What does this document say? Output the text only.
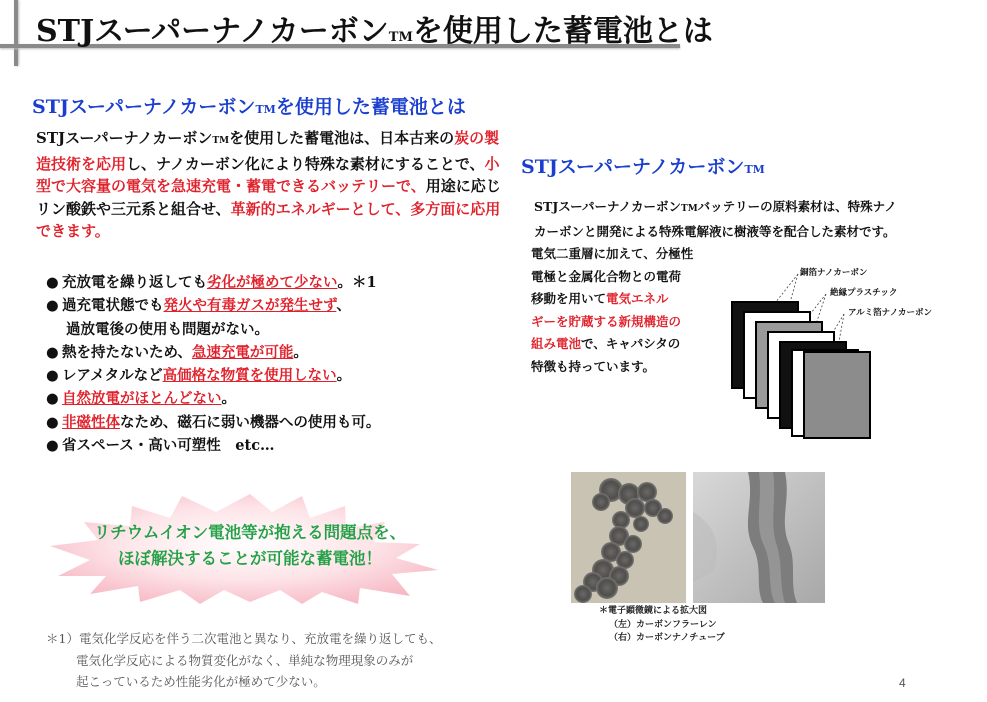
STJスーパーナノカーボンTMを使用した蓄電池とは
STJスーパーナノカーボンTMを使用した蓄電池とは
STJスーパーナノカーボンTMを使用した蓄電池は、日本古来の炭の製造技術を応用し、ナノカーボン化により特殊な素材にすることで、小型で大容量の電気を急速充電・蓄電できるバッテリーで、用途に応じリン酸鉄や三元系と組合せ、革新的エネルギーとして、多方面に応用できます。
● 充放電を繰り返しても劣化が極めて少ない。＊1
● 過充電状態でも発火や有毒ガスが発生せず、
過放電後の使用も問題がない。
● 熱を持たないため、急速充電が可能。
● レアメタルなど高価格な物質を使用しない。
● 自然放電がほとんどない。
● 非磁性体なため、磁石に弱い機器への使用も可。
● 省スペース・高い可塑性　etc…
リチウムイオン電池等が抱える問題点を、
ほぼ解決することが可能な蓄電池！
＊1）電気化学反応を伴う二次電池と異なり、充放電を繰り返しても、
電気化学反応による物質変化がなく、単純な物理現象のみが
起こっているため性能劣化が極めて少ない。
STJスーパーナノカーボンTM
STJスーパーナノカーボンTMバッテリーの原料素材は、特殊ナノ
カーボンと開発による特殊電解液に樹液等を配合した素材です。
電気二重層に加えて、分極性
電極と金属化合物との電荷
移動を用いて電気エネル
ギーを貯蔵する新規構造の
組み電池で、キャパシタの
特徴も持っています。
銅箔ナノカーボン
絶縁プラスチック
アルミ箔ナノカーボン
＊電子顕微鏡による拡大図
（左）カーボンフラーレン
（右）カーボンナノチューブ
4
